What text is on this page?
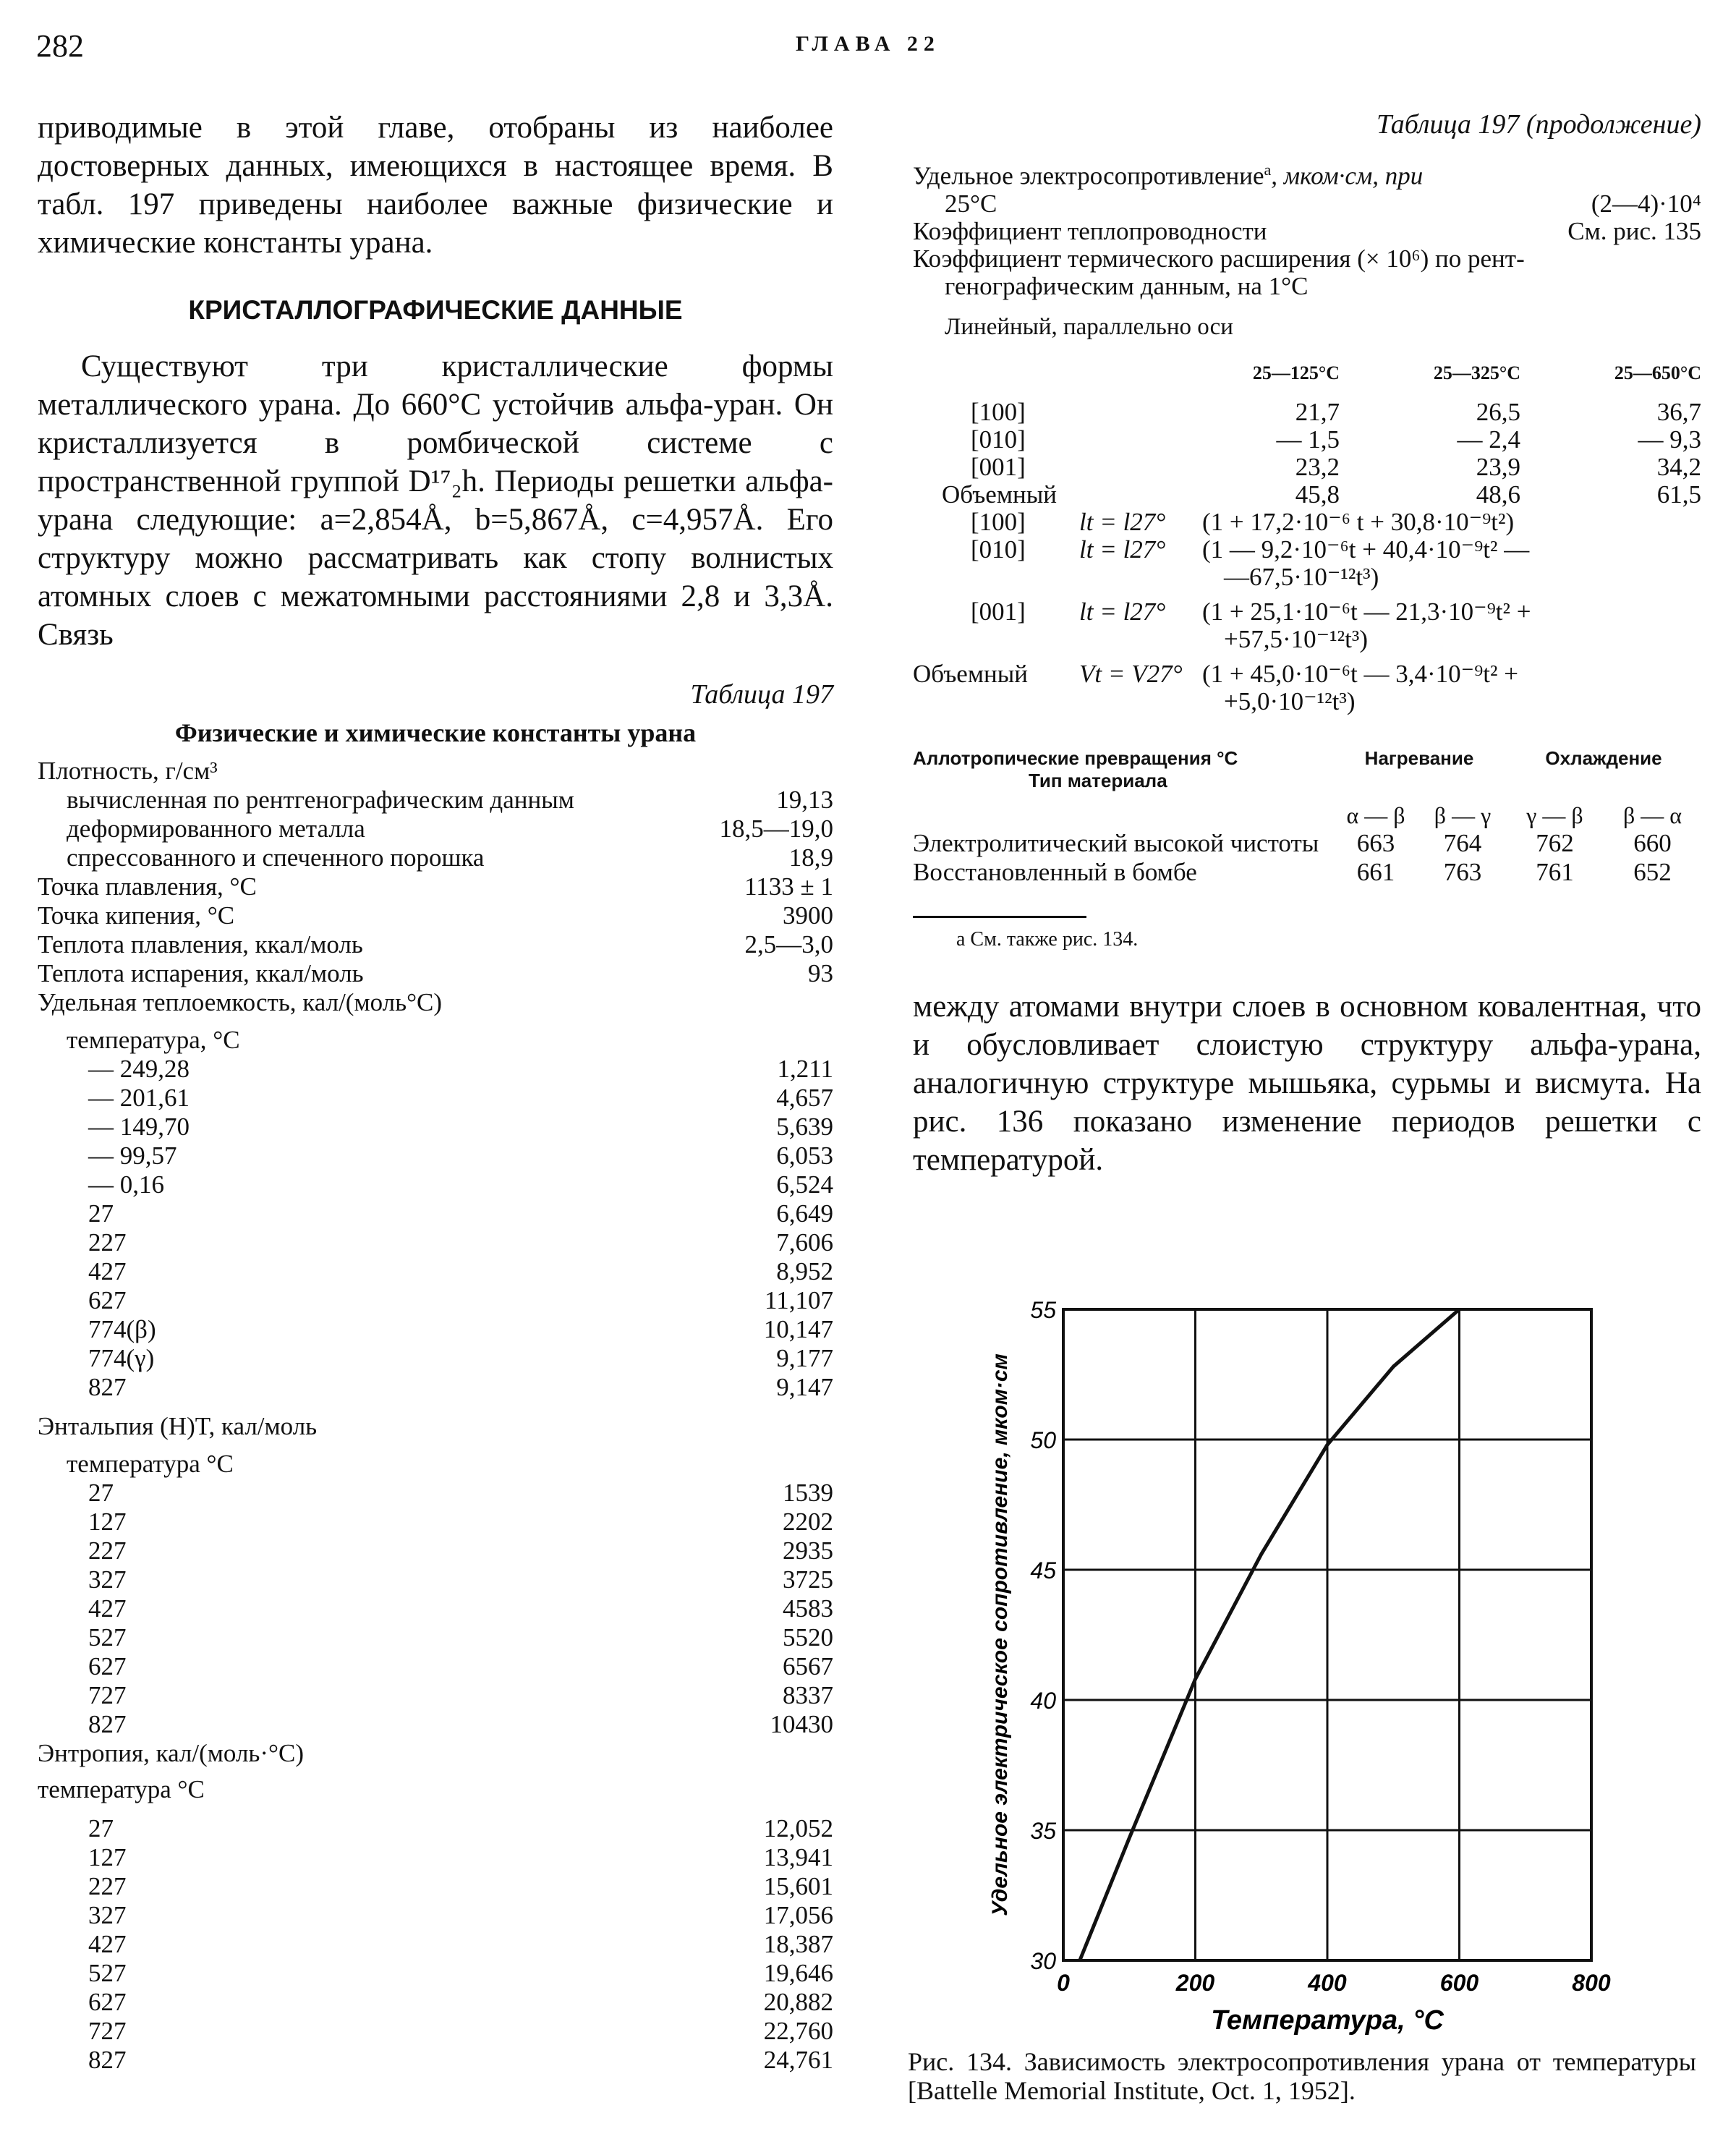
282	ГЛАВА 22

приводимые в этой главе, отобраны из наиболее достоверных данных, имеющихся в настоящее время. В табл. 197 приведены наиболее важные физические и химические константы урана.

КРИСТАЛЛОГРАФИЧЕСКИЕ ДАННЫЕ

Существуют три кристаллические формы металлического урана. До 660°C устойчив альфа-уран. Он кристаллизуется в ромбической системе с пространственной группой D¹⁷₂h. Периоды решетки альфа-урана следующие: a=2,854Å, b=5,867Å, c=4,957Å. Его структуру можно рассматривать как стопу волнистых атомных слоев с межатомными расстояниями 2,8 и 3,3Å. Связь

Таблица 197
Физические и химические константы урана
Плотность, г/см³
вычисленная по рентгенографическим данным	19,13
деформированного металла	18,5—19,0
спрессованного и спеченного порошка	18,9
Точка плавления, °C	1133 ± 1
Точка кипения, °C	3900
Теплота плавления, ккал/моль	2,5—3,0
Теплота испарения, ккал/моль	93
Удельная теплоемкость, кал/(моль°C)
температура, °C
— 249,28	1,211
— 201,61	4,657
— 149,70	5,639
— 99,57	6,053
— 0,16	6,524
27	6,649
227	7,606
427	8,952
627	11,107
774(β)	10,147
774(γ)	9,177
827	9,147
Энтальпия (H)T, кал/моль
температура °C
27	1539
127	2202
227	2935
327	3725
427	4583
527	5520
627	6567
727	8337
827	10430
Энтропия, кал/(моль·°C)
температура °C
27	12,052
127	13,941
227	15,601
327	17,056
427	18,387
527	19,646
627	20,882
727	22,760
827	24,761
Таблица 197 (продолжение)
Удельное электросопротивление$^а$, мком·см, при
25°C	(2—4)·10⁴
Коэффициент теплопроводности	См. рис. 135
Коэффициент термического расширения (× 10⁶) по рент-
генографическим данным, на 1°C
Линейный, параллельно оси
25—125°C	25—325°C	25—650°C
[100]	21,7	26,5	36,7
[010]	— 1,5	— 2,4	— 9,3
[001]	23,2	23,9	34,2
Объемный	45,8	48,6	61,5
[100]	lt = l27°	(1 + 17,2·10⁻⁶ t + 30,8·10⁻⁹t²)
[010]	lt = l27°	(1 — 9,2·10⁻⁶t + 40,4·10⁻⁹t² —
—67,5·10⁻¹²t³)
[001]	lt = l27°	(1 + 25,1·10⁻⁶t — 21,3·10⁻⁹t² +
+57,5·10⁻¹²t³)
Объемный	Vt = V27° (1 + 45,0·10⁻⁶t — 3,4·10⁻⁹t² +
+5,0·10⁻¹²t³)
Аллотропические превращения °C	Нагревание	Охлаждение
Тип материала
α — β	β — γ	γ — β	β — α
Электролитический высокой чистоты	663	764	762	660
Восстановленный в бомбе	661	763	761	652
а См. также рис. 134.

между атомами внутри слоев в основном ковалентная, что и обусловливает слоистую структуру альфа-урана, аналогичную структуре мышьяка, сурьмы и висмута. На рис. 136 показано изменение периодов решетки с температурой.

0	200	400	600	800
30
35
40
45
50
55
Температура, °C
Удельное электрическое сопротивление, мком·см
Рис. 134. Зависимость электросопротивления урана от температуры [Battelle Memorial Institute, Oct. 1, 1952].
